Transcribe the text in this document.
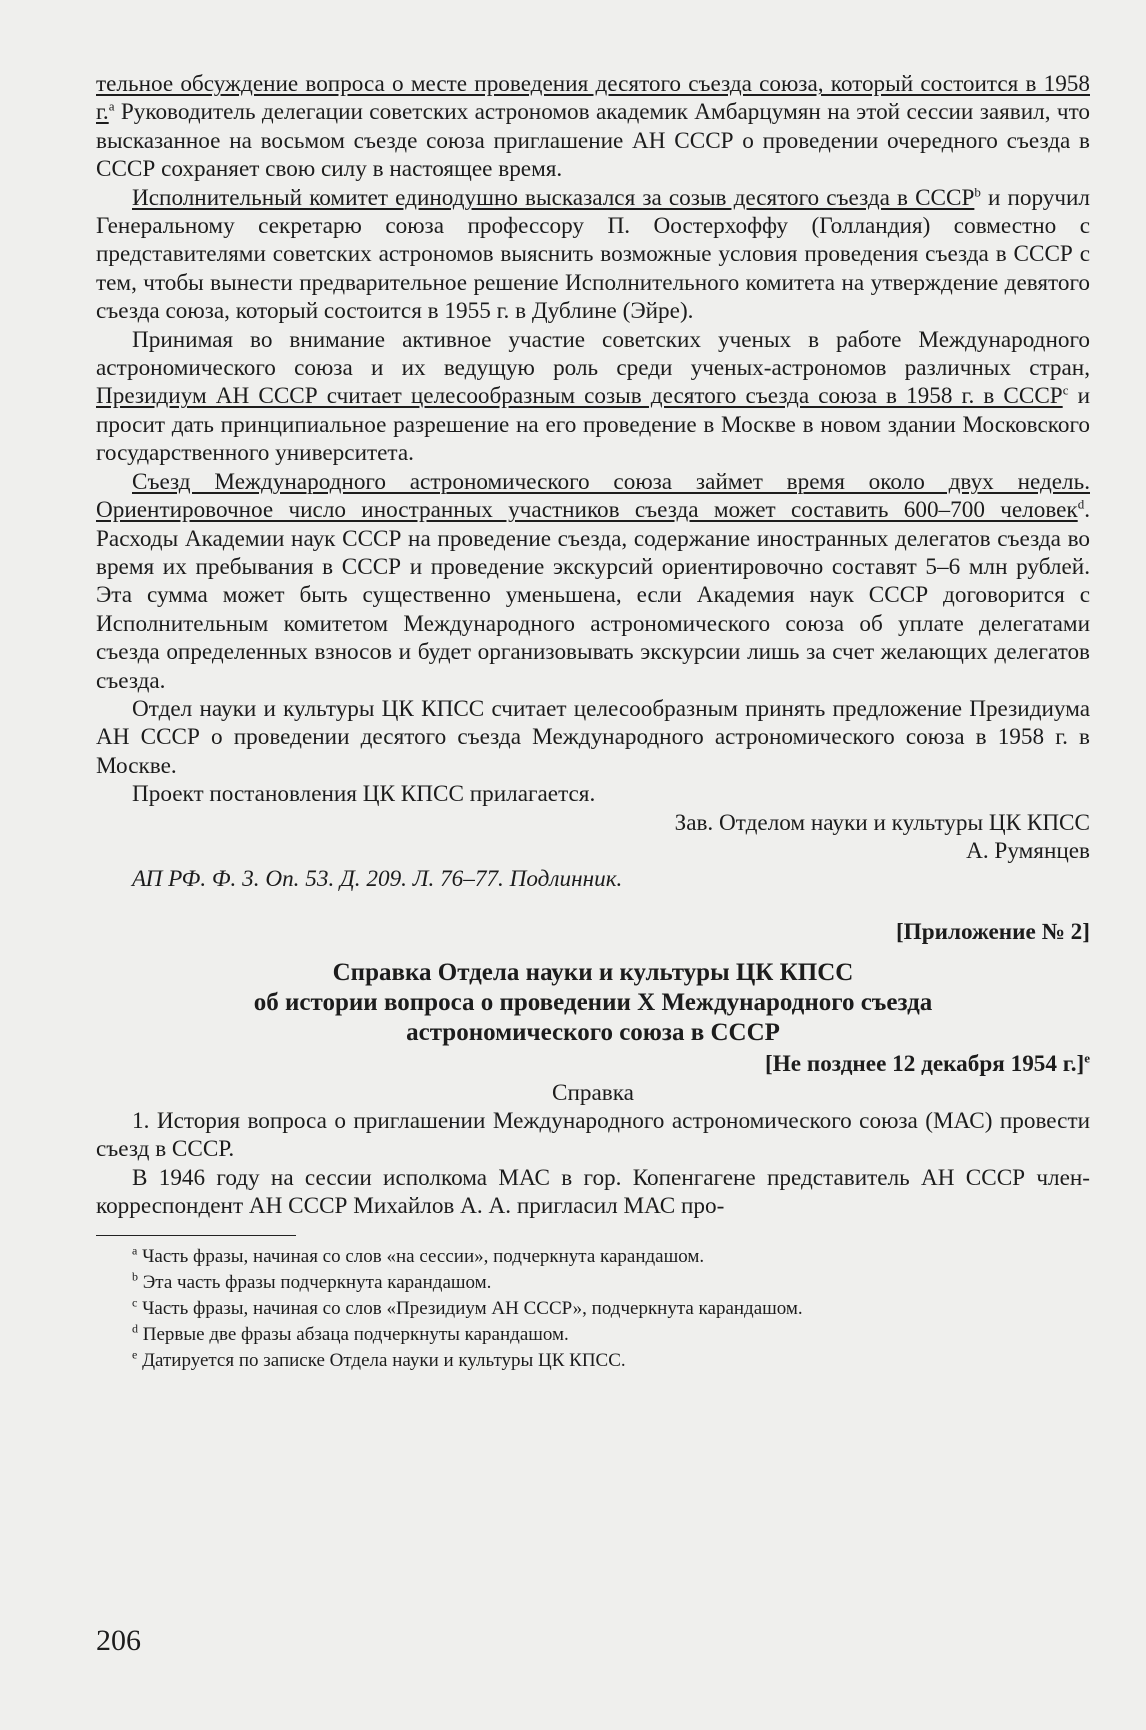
тельное обсуждение вопроса о месте проведения десятого съезда союза, который состоится в 1958 г.$^a$ Руководитель делегации советских астрономов академик Амбарцумян на этой сессии заявил, что высказанное на восьмом съезде союза приглашение АН СССР о проведении очередного съезда в СССР сохраняет свою силу в настоящее время.

Исполнительный комитет единодушно высказался за созыв десятого съезда в СССР$^b$ и поручил Генеральному секретарю союза профессору П. Оостерхоффу (Голландия) совместно с представителями советских астрономов выяснить возможные условия проведения съезда в СССР с тем, чтобы вынести предварительное решение Исполнительного комитета на утверждение девятого съезда союза, который состоится в 1955 г. в Дублине (Эйре).

Принимая во внимание активное участие советских ученых в работе Международного астрономического союза и их ведущую роль среди ученых-астрономов различных стран, Президиум АН СССР считает целесообразным созыв десятого съезда союза в 1958 г. в СССР$^c$ и просит дать принципиальное разрешение на его проведение в Москве в новом здании Московского государственного университета.

Съезд Международного астрономического союза займет время около двух недель. Ориентировочное число иностранных участников съезда может составить 600–700 человек$^d$. Расходы Академии наук СССР на проведение съезда, содержание иностранных делегатов съезда во время их пребывания в СССР и проведение экскурсий ориентировочно составят 5–6 млн рублей. Эта сумма может быть существенно уменьшена, если Академия наук СССР договорится с Исполнительным комитетом Международного астрономического союза об уплате делегатами съезда определенных взносов и будет организовывать экскурсии лишь за счет желающих делегатов съезда.

Отдел науки и культуры ЦК КПСС считает целесообразным принять предложение Президиума АН СССР о проведении десятого съезда Международного астрономического союза в 1958 г. в Москве.

Проект постановления ЦК КПСС прилагается.

Зав. Отделом науки и культуры ЦК КПСС

А. Румянцев

АП РФ. Ф. 3. Оп. 53. Д. 209. Л. 76–77. Подлинник.

[Приложение № 2]
Справка Отдела науки и культуры ЦК КПСС
об истории вопроса о проведении X Международного съезда
астрономического союза в СССР
[Не позднее 12 декабря 1954 г.]$^e$
Справка

1. История вопроса о приглашении Международного астрономического союза (МАС) провести съезд в СССР.

В 1946 году на сессии исполкома МАС в гор. Копенгагене представитель АН СССР член-корреспондент АН СССР Михайлов А. А. пригласил МАС про-

$^a$ Часть фразы, начиная со слов «на сессии», подчеркнута карандашом.
$^b$ Эта часть фразы подчеркнута карандашом.
$^c$ Часть фразы, начиная со слов «Президиум АН СССР», подчеркнута карандашом.
$^d$ Первые две фразы абзаца подчеркнуты карандашом.
$^e$ Датируется по записке Отдела науки и культуры ЦК КПСС.
206
